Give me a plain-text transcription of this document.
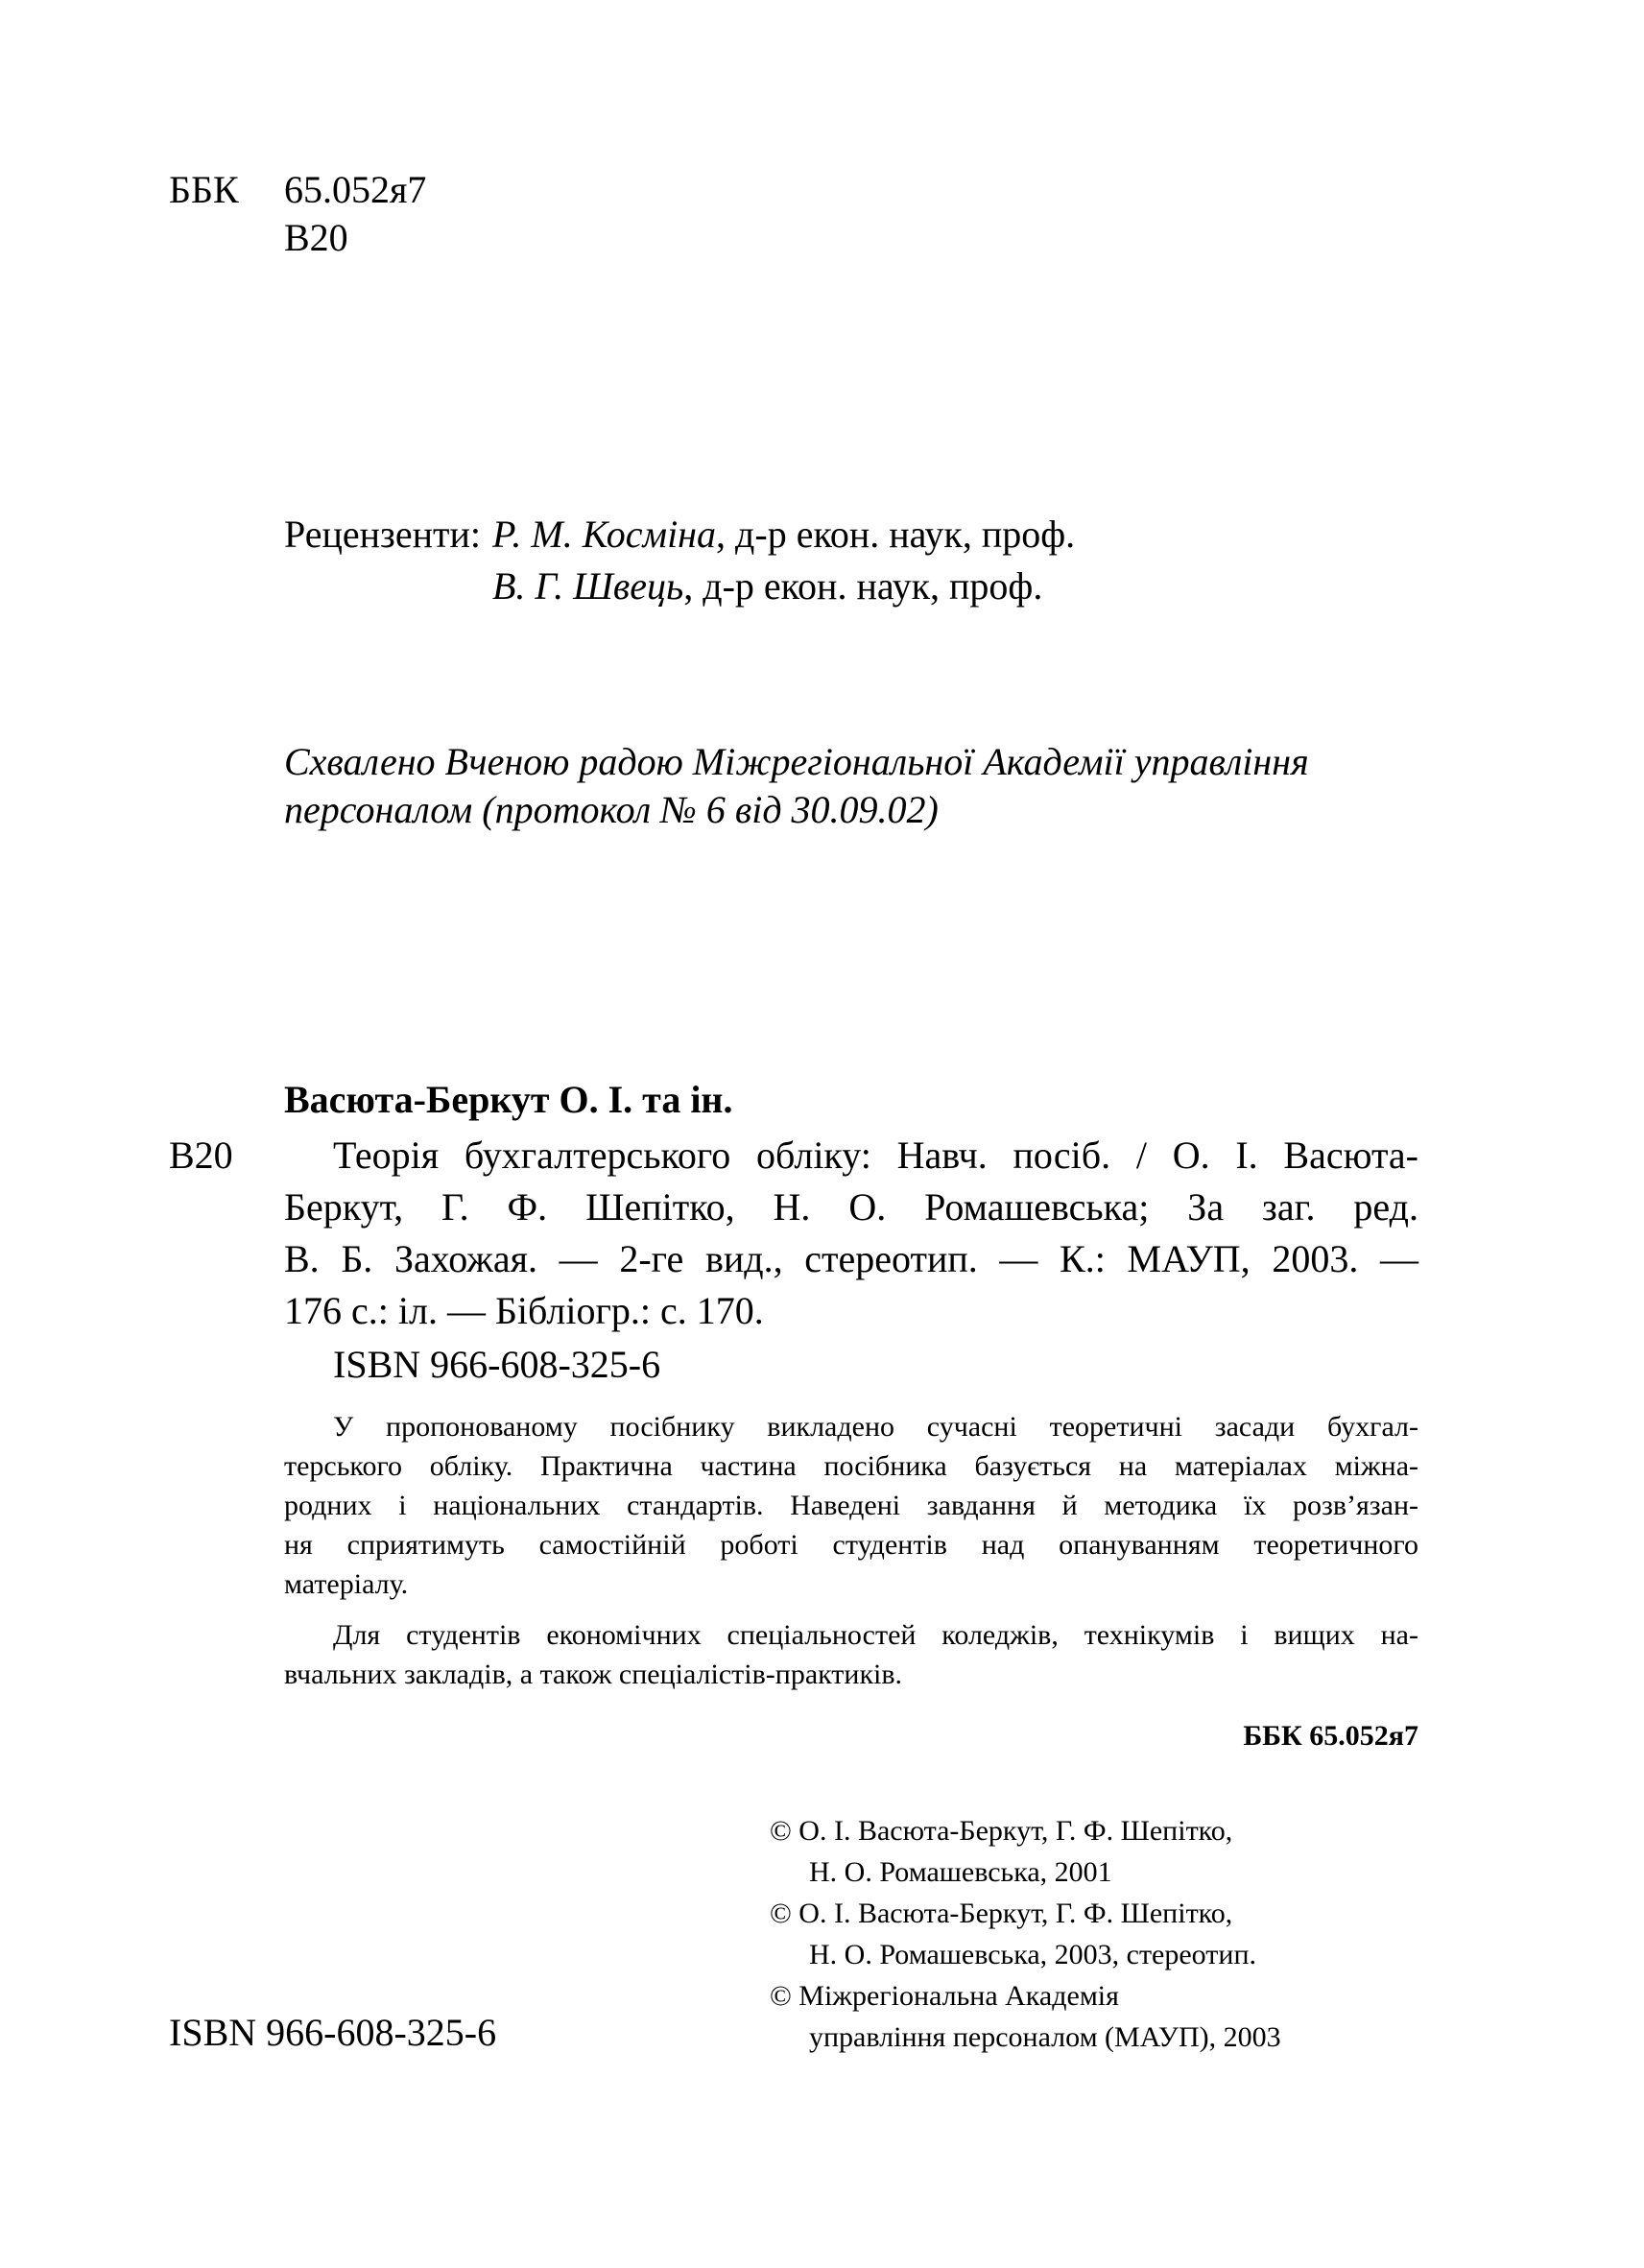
ББК 65.052я7
В20
Рецензенти: Р. М. Косміна, д-р екон. наук, проф.
В. Г. Швець, д-р екон. наук, проф.
Схвалено Вченою радою Міжрегіональної Академії управління
персоналом (протокол № 6 від 30.09.02)
Васюта-Беркут О. І. та ін.
В20	Теорія бухгалтерського обліку: Навч. посіб. / О. І. Васюта-
Беркут, Г. Ф. Шепітко, Н. О. Ромашевська; За заг. ред.
В. Б. Захожая. — 2-ге вид., стереотип. — К.: МАУП, 2003. —
176 с.: іл. — Бібліогр.: с. 170.
ISBN 966-608-325-6
У пропонованому посібнику викладено сучасні теоретичні засади бухгал-
терського обліку. Практична частина посібника базується на матеріалах міжна-
родних і національних стандартів. Наведені завдання й методика їх розв’язан-
ня сприятимуть самостійній роботі студентів над опануванням теоретичного
матеріалу.
Для студентів економічних спеціальностей коледжів, технікумів і вищих на-
вчальних закладів, а також спеціалістів-практиків.
ББК 65.052я7
© О. І. Васюта-Беркут, Г. Ф. Шепітко,
Н. О. Ромашевська, 2001
© О. І. Васюта-Беркут, Г. Ф. Шепітко,
Н. О. Ромашевська, 2003, стереотип.
© Міжрегіональна Академія
управління персоналом (МАУП), 2003
ISBN 966-608-325-6
